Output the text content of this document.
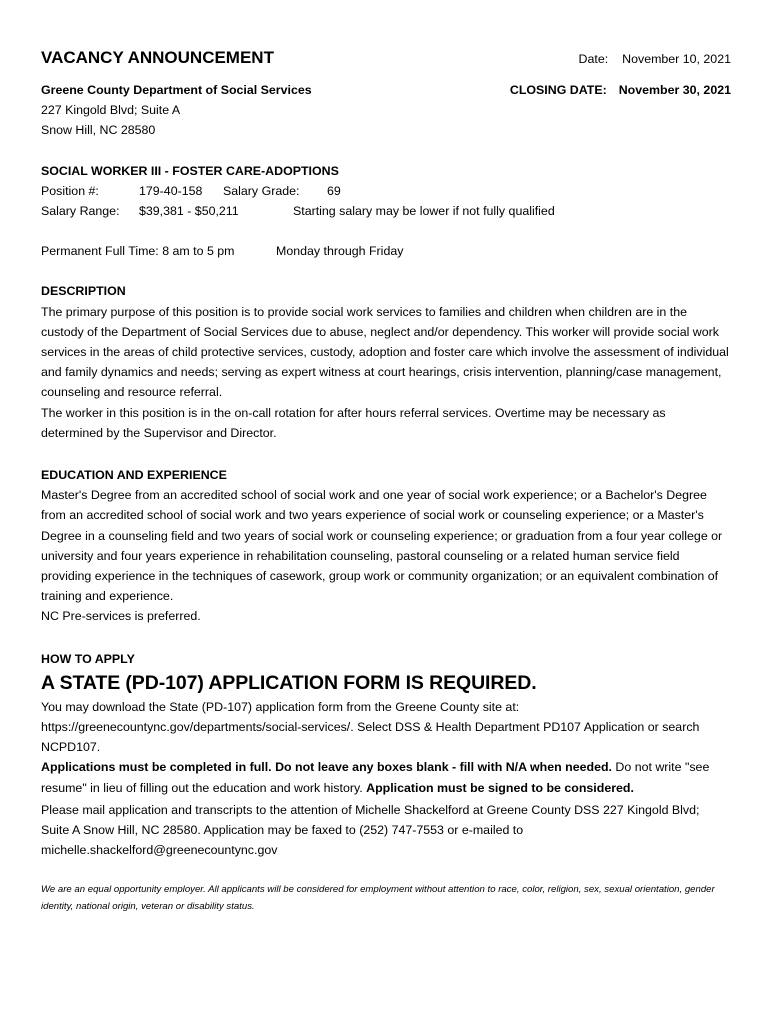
VACANCY ANNOUNCEMENT	Date: November 10, 2021
Greene County Department of Social Services	CLOSING DATE: November 30, 2021
227 Kingold Blvd; Suite A
Snow Hill, NC 28580
SOCIAL WORKER III - FOSTER CARE-ADOPTIONS
Position #:	179-40-158 Salary Grade: 69
Salary Range: $39,381 - $50,211	Starting salary may be lower if not fully qualified
Permanent Full Time: 8 am to 5 pm	Monday through Friday
DESCRIPTION

The primary purpose of this position is to provide social work services to families and children when children are in the custody of the Department of Social Services due to abuse, neglect and/or dependency. This worker will provide social work services in the areas of child protective services, custody, adoption and foster care which involve the assessment of individual and family dynamics and needs; serving as expert witness at court hearings, crisis intervention, planning/case management, counseling and resource referral.

The worker in this position is in the on-call rotation for after hours referral services. Overtime may be necessary as determined by the Supervisor and Director.

EDUCATION AND EXPERIENCE

Master's Degree from an accredited school of social work and one year of social work experience; or a Bachelor's Degree from an accredited school of social work and two years experience of social work or counseling experience; or a Master's Degree in a counseling field and two years of social work or counseling experience; or graduation from a four year college or university and four years experience in rehabilitation counseling, pastoral counseling or a related human service field providing experience in the techniques of casework, group work or community organization; or an equivalent combination of training and experience.

NC Pre-services is preferred.

HOW TO APPLY
A STATE (PD-107) APPLICATION FORM IS REQUIRED.

You may download the State (PD-107) application form from the Greene County site at: https://greenecountync.gov/departments/social-services/. Select DSS & Health Department PD107 Application or search NCPD107.

Applications must be completed in full. Do not leave any boxes blank - fill with N/A when needed. Do not write "see resume" in lieu of filling out the education and work history. Application must be signed to be considered.

Please mail application and transcripts to the attention of Michelle Shackelford at Greene County DSS 227 Kingold Blvd; Suite A Snow Hill, NC 28580. Application may be faxed to (252) 747-7553 or e-mailed to michelle.shackelford@greenecountync.gov

We are an equal opportunity employer. All applicants will be considered for employment without attention to race, color, religion, sex, sexual orientation, gender identity, national origin, veteran or disability status.
